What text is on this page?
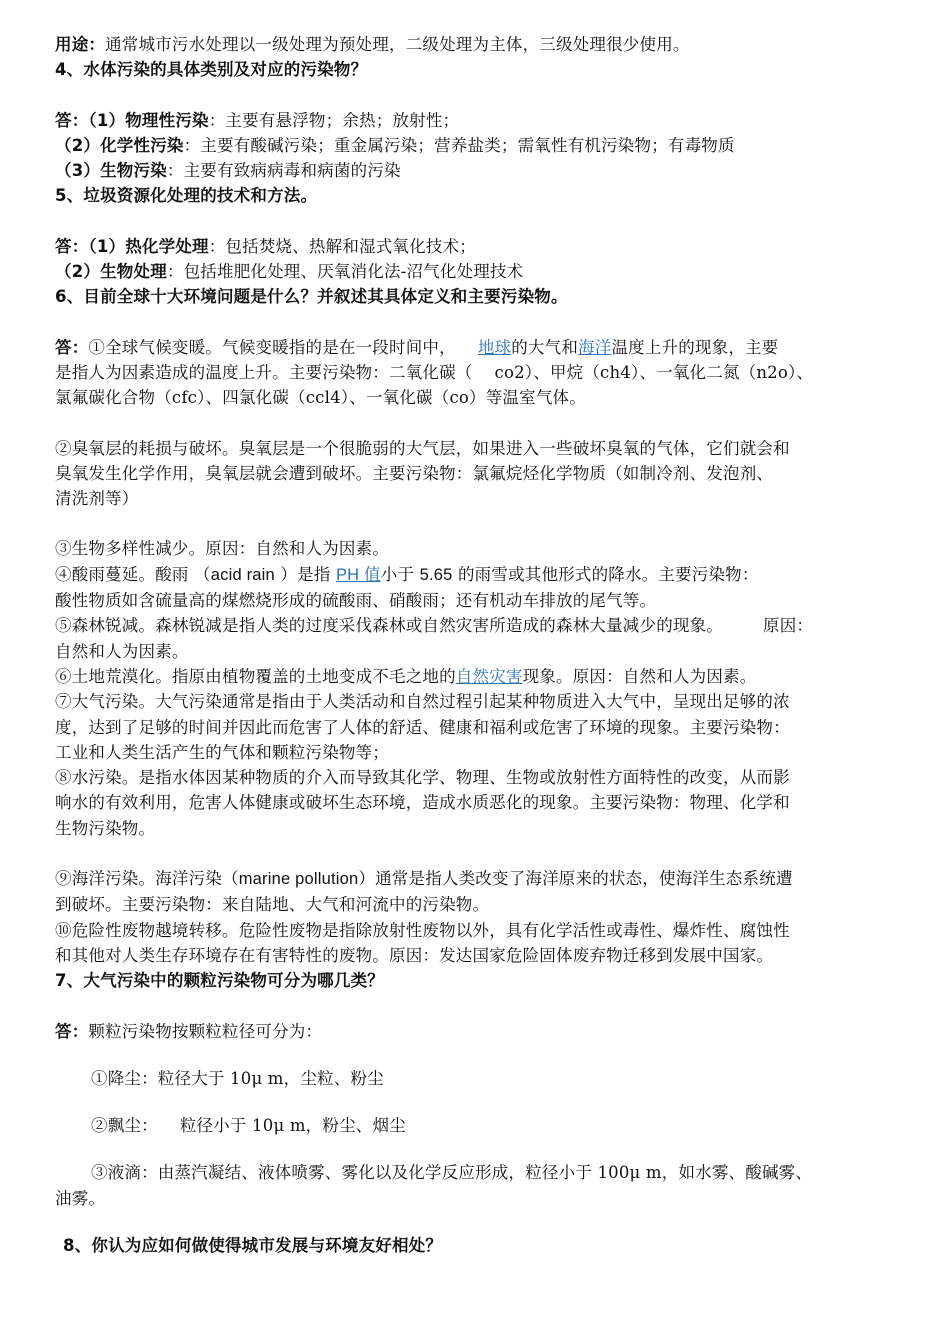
用途：通常城市污水处理以一级处理为预处理，二级处理为主体，三级处理很少使用。
4、水体污染的具体类别及对应的污染物？
答：（1）物理性污染：主要有悬浮物；余热；放射性；
（2）化学性污染：主要有酸碱污染；重金属污染；营养盐类；需氧性有机污染物；有毒物质
（3）生物污染：主要有致病病毒和病菌的污染
5、垃圾资源化处理的技术和方法。
答：（1）热化学处理：包括焚烧、热解和湿式氧化技术；
（2）生物处理：包括堆肥化处理、厌氧消化法-沼气化处理技术
6、目前全球十大环境问题是什么？并叙述其具体定义和主要污染物。
答：①全球气候变暖。气候变暖指的是在一段时间中， 地球的大气和海洋温度上升的现象，主要
是指人为因素造成的温度上升。主要污染物：二氧化碳（ co2）、甲烷（ch4）、一氧化二氮（n2o）、
氯氟碳化合物（cfc）、四氯化碳（ccl4）、一氧化碳（co）等温室气体。
②臭氧层的耗损与破坏。臭氧层是一个很脆弱的大气层，如果进入一些破坏臭氧的气体，它们就会和
臭氧发生化学作用，臭氧层就会遭到破坏。主要污染物：氯氟烷烃化学物质（如制冷剂、发泡剂、
清洗剂等）
③生物多样性减少。原因：自然和人为因素。
④酸雨蔓延。酸雨 （acid rain ）是指 PH 值小于 5.65 的雨雪或其他形式的降水。主要污染物：
酸性物质如含硫量高的煤燃烧形成的硫酸雨、硝酸雨；还有机动车排放的尾气等。
⑤森林锐减。森林锐减是指人类的过度采伐森林或自然灾害所造成的森林大量减少的现象。 原因：
自然和人为因素。
⑥土地荒漠化。指原由植物覆盖的土地变成不毛之地的自然灾害现象。原因：自然和人为因素。
⑦大气污染。大气污染通常是指由于人类活动和自然过程引起某种物质进入大气中，呈现出足够的浓
度，达到了足够的时间并因此而危害了人体的舒适、健康和福利或危害了环境的现象。主要污染物：
工业和人类生活产生的气体和颗粒污染物等；
⑧水污染。是指水体因某种物质的介入而导致其化学、物理、生物或放射性方面特性的改变，从而影
响水的有效利用，危害人体健康或破坏生态环境，造成水质恶化的现象。主要污染物：物理、化学和
生物污染物。
⑨海洋污染。海洋污染（marine pollution）通常是指人类改变了海洋原来的状态，使海洋生态系统遭
到破坏。主要污染物：来自陆地、大气和河流中的污染物。
⑩危险性废物越境转移。危险性废物是指除放射性废物以外，具有化学活性或毒性、爆炸性、腐蚀性
和其他对人类生存环境存在有害特性的废物。原因：发达国家危险固体废弃物迁移到发展中国家。
7、大气污染中的颗粒污染物可分为哪几类？
答：颗粒污染物按颗粒粒径可分为：
①降尘：粒径大于 10μ m，尘粒、粉尘
②飘尘： 粒径小于 10μ m，粉尘、烟尘
③液滴：由蒸汽凝结、液体喷雾、雾化以及化学反应形成，粒径小于 100μ m，如水雾、酸碱雾、
油雾。
8、你认为应如何做使得城市发展与环境友好相处？
